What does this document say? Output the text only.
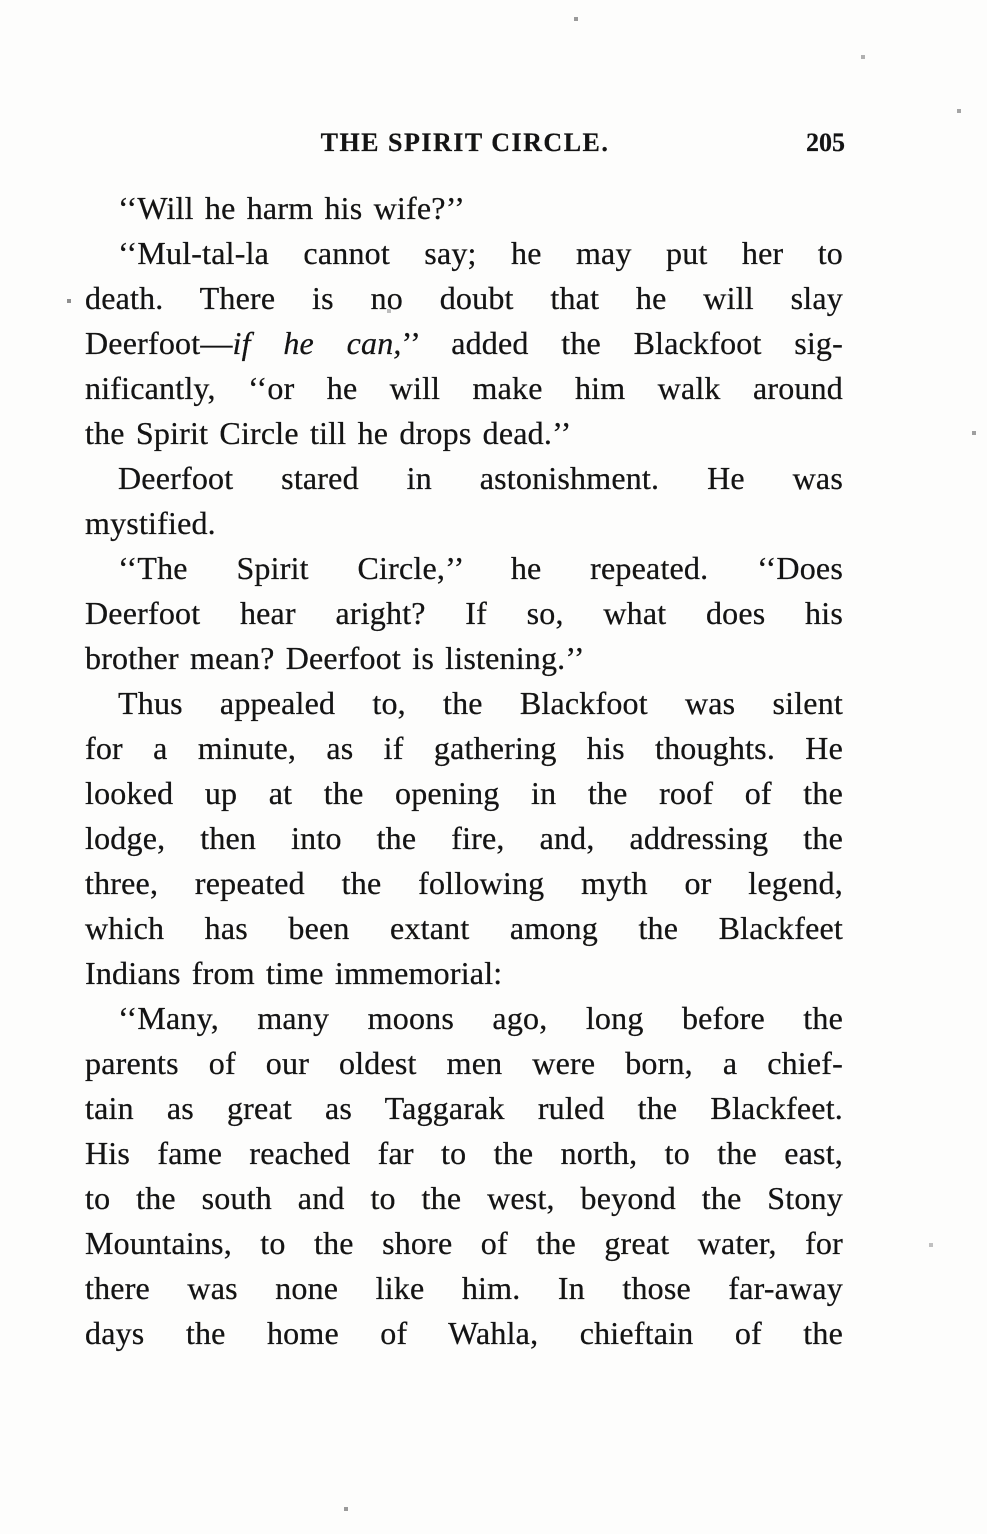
THE SPIRIT CIRCLE.	205
‘‘Will he harm his wife?’’
‘‘Mul-tal-la cannot say; he may put her to
death. There is no doubt that he will slay
Deerfoot—if he can,’’ added the Blackfoot sig-
nificantly, ‘‘or he will make him walk around
the Spirit Circle till he drops dead.’’
Deerfoot stared in astonishment. He was
mystified.
‘‘The Spirit Circle,’’ he repeated. ‘‘Does
Deerfoot hear aright? If so, what does his
brother mean? Deerfoot is listening.’’
Thus appealed to, the Blackfoot was silent
for a minute, as if gathering his thoughts. He
looked up at the opening in the roof of the
lodge, then into the fire, and, addressing the
three, repeated the following myth or legend,
which has been extant among the Blackfeet
Indians from time immemorial:
‘‘Many, many moons ago, long before the
parents of our oldest men were born, a chief-
tain as great as Taggarak ruled the Blackfeet.
His fame reached far to the north, to the east,
to the south and to the west, beyond the Stony
Mountains, to the shore of the great water, for
there was none like him. In those far-away
days the home of Wahla, chieftain of the
